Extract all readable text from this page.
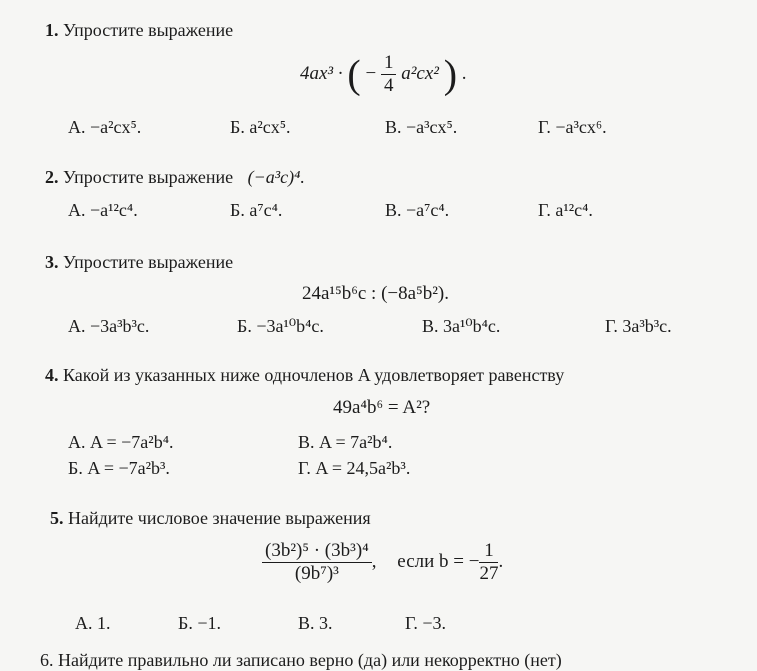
1. Упростите выражение
4ax³ · ( − $\frac{1}{4} a^2cx^2$ ) .
А. −a²cx⁵.	Б. a²cx⁵.	В. −a³cx⁵.	Г. −a³cx⁶.
2. Упростите выражение (−a³c)⁴.
А. −a¹²c⁴.	Б. a⁷c⁴.	В. −a⁷c⁴.	Г. a¹²c⁴.
3. Упростите выражение
24a¹⁵b⁶c : (−8a⁵b²).
А. −3a³b³c.	Б. −3a¹⁰b⁴c.	В. 3a¹⁰b⁴c.	Г. 3a³b³c.
4. Какой из указанных ниже одночленов A удовлетворяет равенству
49a⁴b⁶ = A²?
А. A = −7a²b⁴.	В. A = 7a²b⁴.
Б. A = −7a²b³.	Г. A = 24,5a²b³.
5. Найдите числовое значение выражения
$\frac{\text{(3b²)⁵ · (3b³)⁴}}{\text{(9b⁷)³}}$ , если b = − $\frac{1}{27}$ .
А. 1.	Б. −1.	В. 3.	Г. −3.
6. Найдите правильно ли записано верно (да) или некорректно (нет)
